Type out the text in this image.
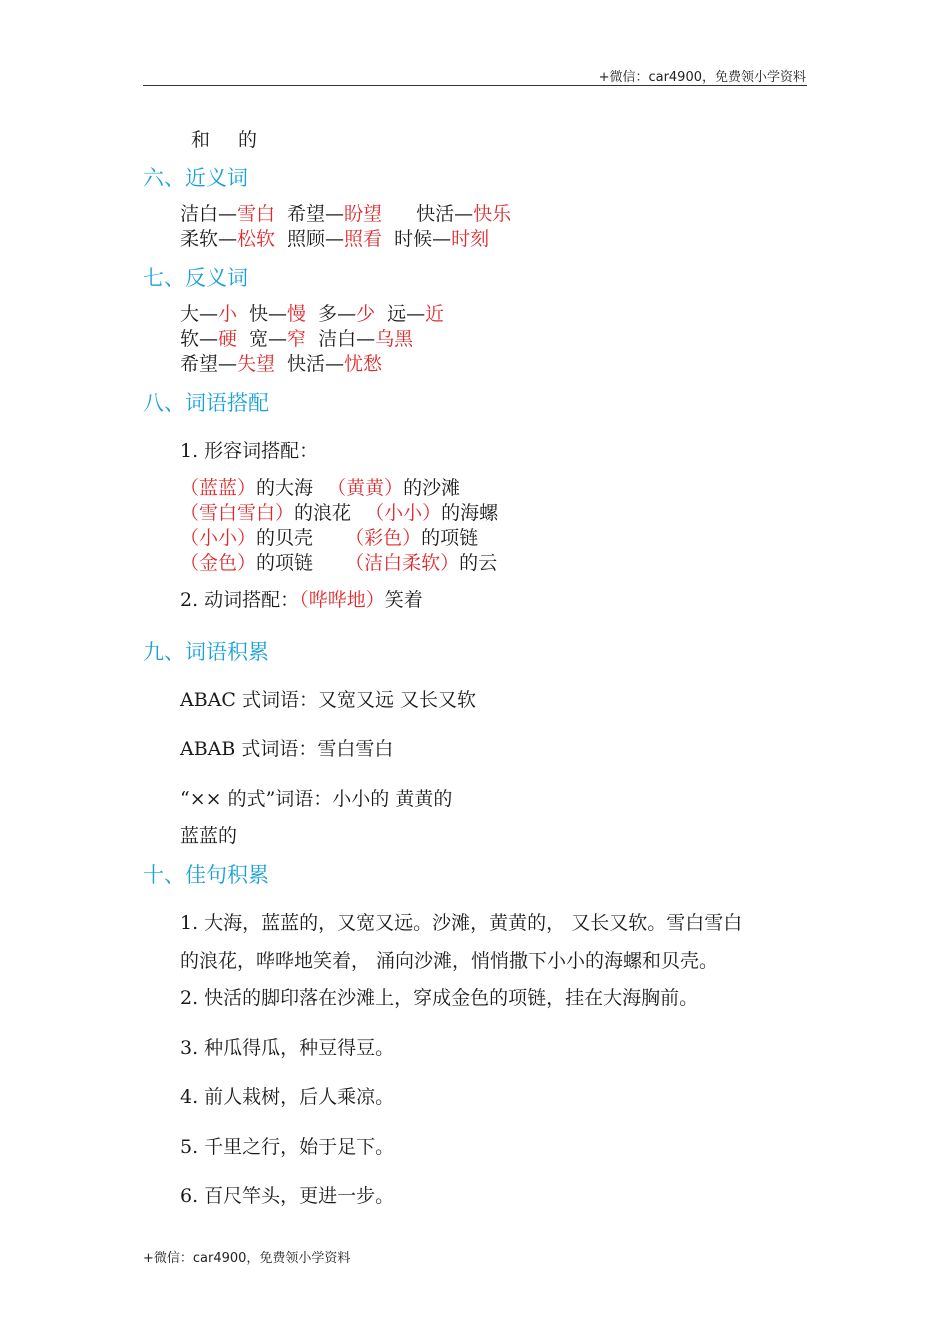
+微信：car4900，免费领小学资料
和 的
六、近义词
洁白—雪白 希望—盼望 快活—快乐
柔软—松软 照顾—照看 时候—时刻
七、反义词
大—小 快—慢 多—少 远—近
软—硬 宽—窄 洁白—乌黑
希望—失望 快活—忧愁
八、词语搭配
1. 形容词搭配：
（蓝蓝）的大海 （黄黄）的沙滩
（雪白雪白）的浪花 （小小）的海螺
（小小）的贝壳 （彩色）的项链
（金色）的项链 （洁白柔软）的云
2. 动词搭配：（哗哗地）笑着
九、词语积累
ABAC 式词语：又宽又远 又长又软
ABAB 式词语：雪白雪白
“×× 的式”词语：小小的 黄黄的
蓝蓝的
十、佳句积累
1. 大海，蓝蓝的，又宽又远。沙滩，黄黄的， 又长又软。雪白雪白
的浪花，哗哗地笑着， 涌向沙滩，悄悄撒下小小的海螺和贝壳。
2. 快活的脚印落在沙滩上，穿成金色的项链，挂在大海胸前。
3. 种瓜得瓜，种豆得豆。
4. 前人栽树，后人乘凉。
5. 千里之行，始于足下。
6. 百尺竿头，更进一步。
+微信：car4900，免费领小学资料
